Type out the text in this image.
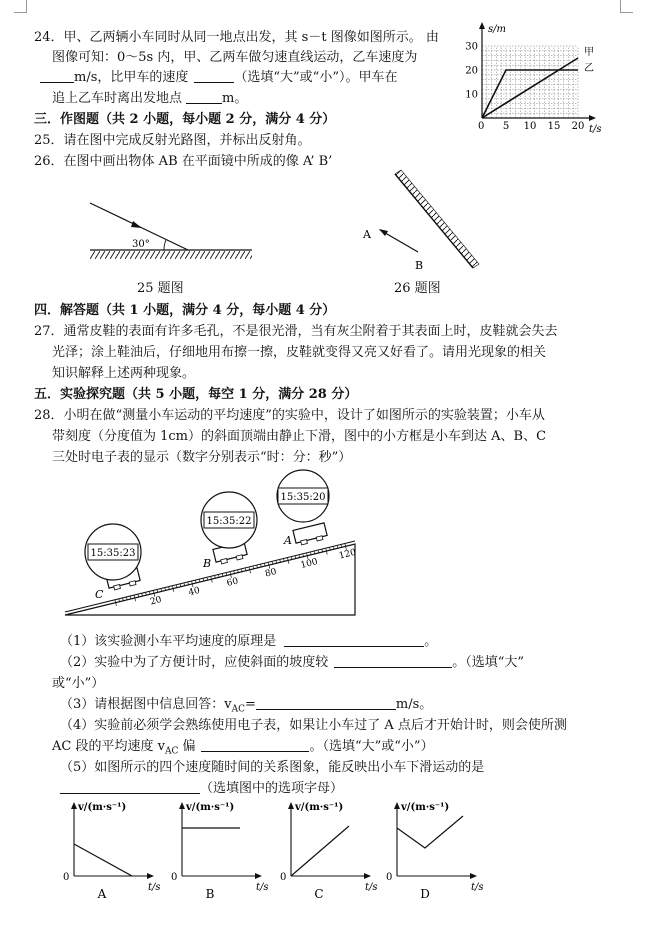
24．甲、乙两辆小车同时从同一地点出发，其 s－t 图像如图所示。 由
图像可知：0～5s 内，甲、乙两车做匀速直线运动，乙车速度为
m/s，比甲车的速度	（选填“大”或“小”）。甲车在
追上乙车时离出发地点	m。
s/m
t/s
0 5 10 15 20
10
20
30	甲
乙
三．作图题（共 2 小题，每小题 2 分，满分 4 分）
25．请在图中完成反射光路图，并标出反射角。
26．在图中画出物体 AB 在平面镜中所成的像 A’ B’
30°
25 题图
A
B
26 题图
四．解答题（共 1 小题，满分 4 分，每小题 4 分）
27．通常皮鞋的表面有许多毛孔，不是很光滑，当有灰尘附着于其表面上时，皮鞋就会失去
光泽；涂上鞋油后，仔细地用布擦一擦，皮鞋就变得又亮又好看了。请用光现象的相关
知识解释上述两种现象。
五．实验探究题（共 5 小题，每空 1 分，满分 28 分）
28．小明在做“测量小车运动的平均速度”的实验中，设计了如图所示的实验装置；小车从
带刻度（分度值为 1cm）的斜面顶端由静止下滑，图中的小方框是小车到达 A、B、C
三处时电子表的显示（数字分别表示“时：分：秒”）
20
40
60
80
100
120
C
B
A
15:35:23
15:35:22
15:35:20
（1）该实验测小车平均速度的原理是	。
（2）实验中为了方便计时，应使斜面的坡度较	。（选填“大”
或“小”）
（3）请根据图中信息回答：$v_{AC}=$	m/s。
（4）实验前必须学会熟练使用电子表，如果让小车过了 A 点后才开始计时，则会使所测
AC 段的平均速度 $v_{AC}$ 偏	。（选填“大”或“小”）
（5）如图所示的四个速度随时间的关系图象，能反映出小车下滑运动的是
（选填图中的选项字母）
v/(m·s⁻¹)
t/s
0
A
v/(m·s⁻¹)
t/s
0
B
v/(m·s⁻¹)
t/s
0
C
v/(m·s⁻¹)
t/s
0
D
